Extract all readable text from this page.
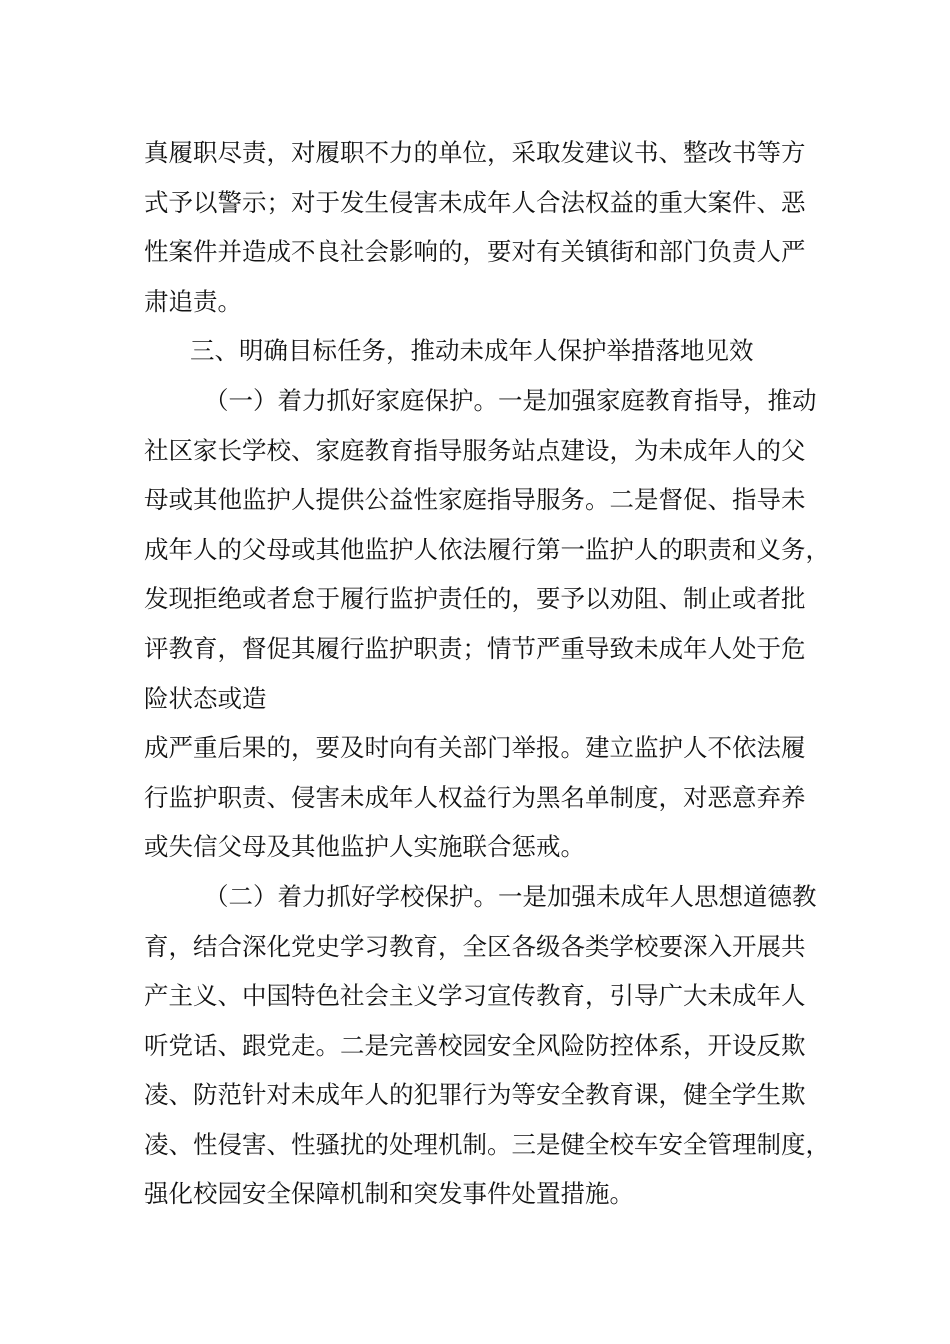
真履职尽责，对履职不力的单位，采取发建议书、整改书等方
式予以警示；对于发生侵害未成年人合法权益的重大案件、恶
性案件并造成不良社会影响的，要对有关镇街和部门负责人严
肃追责。
三、明确目标任务，推动未成年人保护举措落地见效
（一）着力抓好家庭保护。一是加强家庭教育指导，推动
社区家长学校、家庭教育指导服务站点建设，为未成年人的父
母或其他监护人提供公益性家庭指导服务。二是督促、指导未
成年人的父母或其他监护人依法履行第一监护人的职责和义务，
发现拒绝或者怠于履行监护责任的，要予以劝阻、制止或者批
评教育，督促其履行监护职责；情节严重导致未成年人处于危
险状态或造
成严重后果的，要及时向有关部门举报。建立监护人不依法履
行监护职责、侵害未成年人权益行为黑名单制度，对恶意弃养
或失信父母及其他监护人实施联合惩戒。
（二）着力抓好学校保护。一是加强未成年人思想道德教
育，结合深化党史学习教育，全区各级各类学校要深入开展共
产主义、中国特色社会主义学习宣传教育，引导广大未成年人
听党话、跟党走。二是完善校园安全风险防控体系，开设反欺
凌、防范针对未成年人的犯罪行为等安全教育课，健全学生欺
凌、性侵害、性骚扰的处理机制。三是健全校车安全管理制度，
强化校园安全保障机制和突发事件处置措施。
